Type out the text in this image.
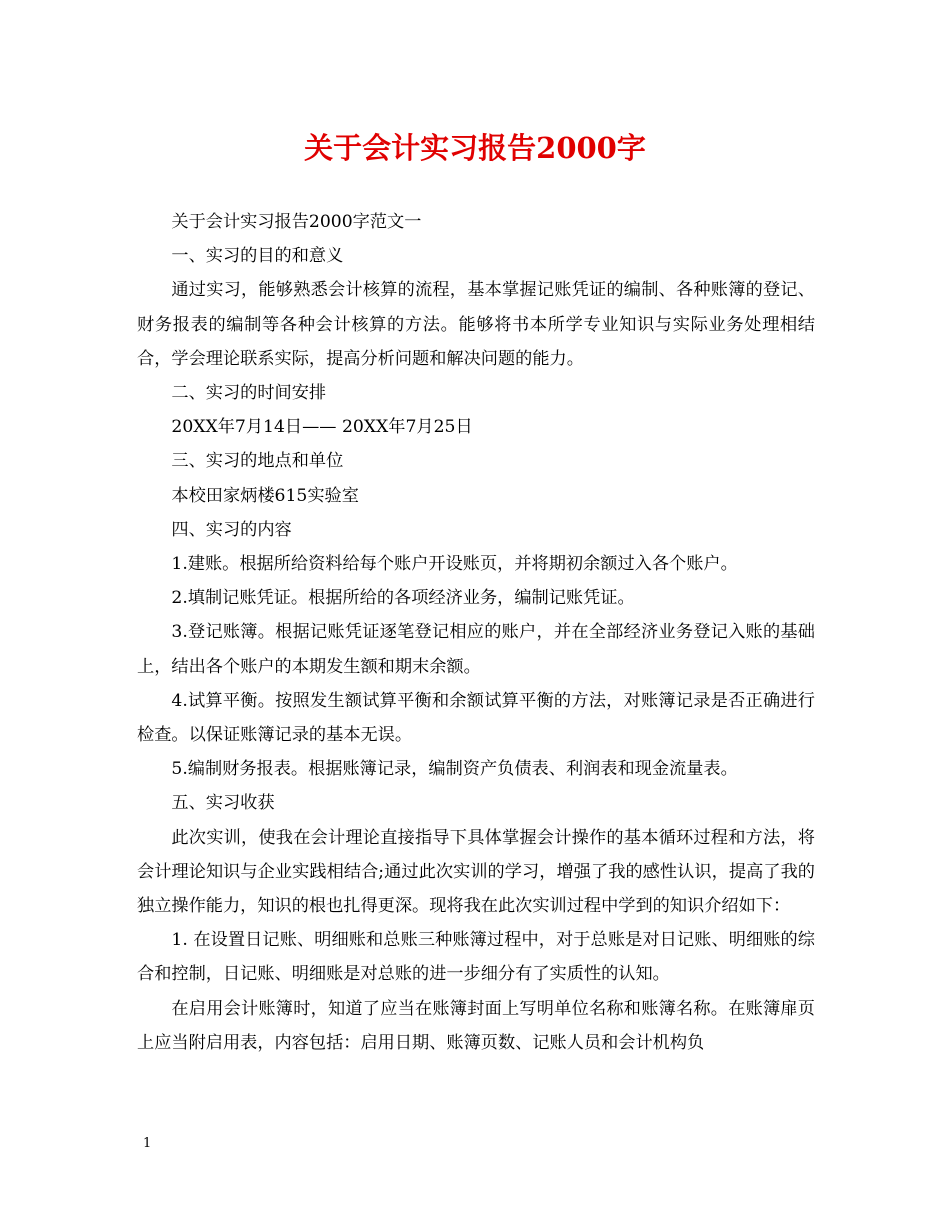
关于会计实习报告2000字

关于会计实习报告2000字范文一

一、实习的目的和意义

通过实习，能够熟悉会计核算的流程，基本掌握记账凭证的编制、各种账簿的登记、财务报表的编制等各种会计核算的方法。能够将书本所学专业知识与实际业务处理相结合，学会理论联系实际，提高分析问题和解决问题的能力。

二、实习的时间安排

20XX年7月14日—— 20XX年7月25日

三、实习的地点和单位

本校田家炳楼615实验室

四、实习的内容

1.建账。根据所给资料给每个账户开设账页，并将期初余额过入各个账户。

2.填制记账凭证。根据所给的各项经济业务，编制记账凭证。

3.登记账簿。根据记账凭证逐笔登记相应的账户，并在全部经济业务登记入账的基础上，结出各个账户的本期发生额和期末余额。

4.试算平衡。按照发生额试算平衡和余额试算平衡的方法，对账簿记录是否正确进行检查。以保证账簿记录的基本无误。

5.编制财务报表。根据账簿记录，编制资产负债表、利润表和现金流量表。

五、实习收获

此次实训，使我在会计理论直接指导下具体掌握会计操作的基本循环过程和方法，将会计理论知识与企业实践相结合;通过此次实训的学习，增强了我的感性认识，提高了我的独立操作能力，知识的根也扎得更深。现将我在此次实训过程中学到的知识介绍如下：

1. 在设置日记账、明细账和总账三种账簿过程中，对于总账是对日记账、明细账的综合和控制，日记账、明细账是对总账的进一步细分有了实质性的认知。

在启用会计账簿时，知道了应当在账簿封面上写明单位名称和账簿名称。在账簿扉页上应当附启用表，内容包括：启用日期、账簿页数、记账人员和会计机构负

1
